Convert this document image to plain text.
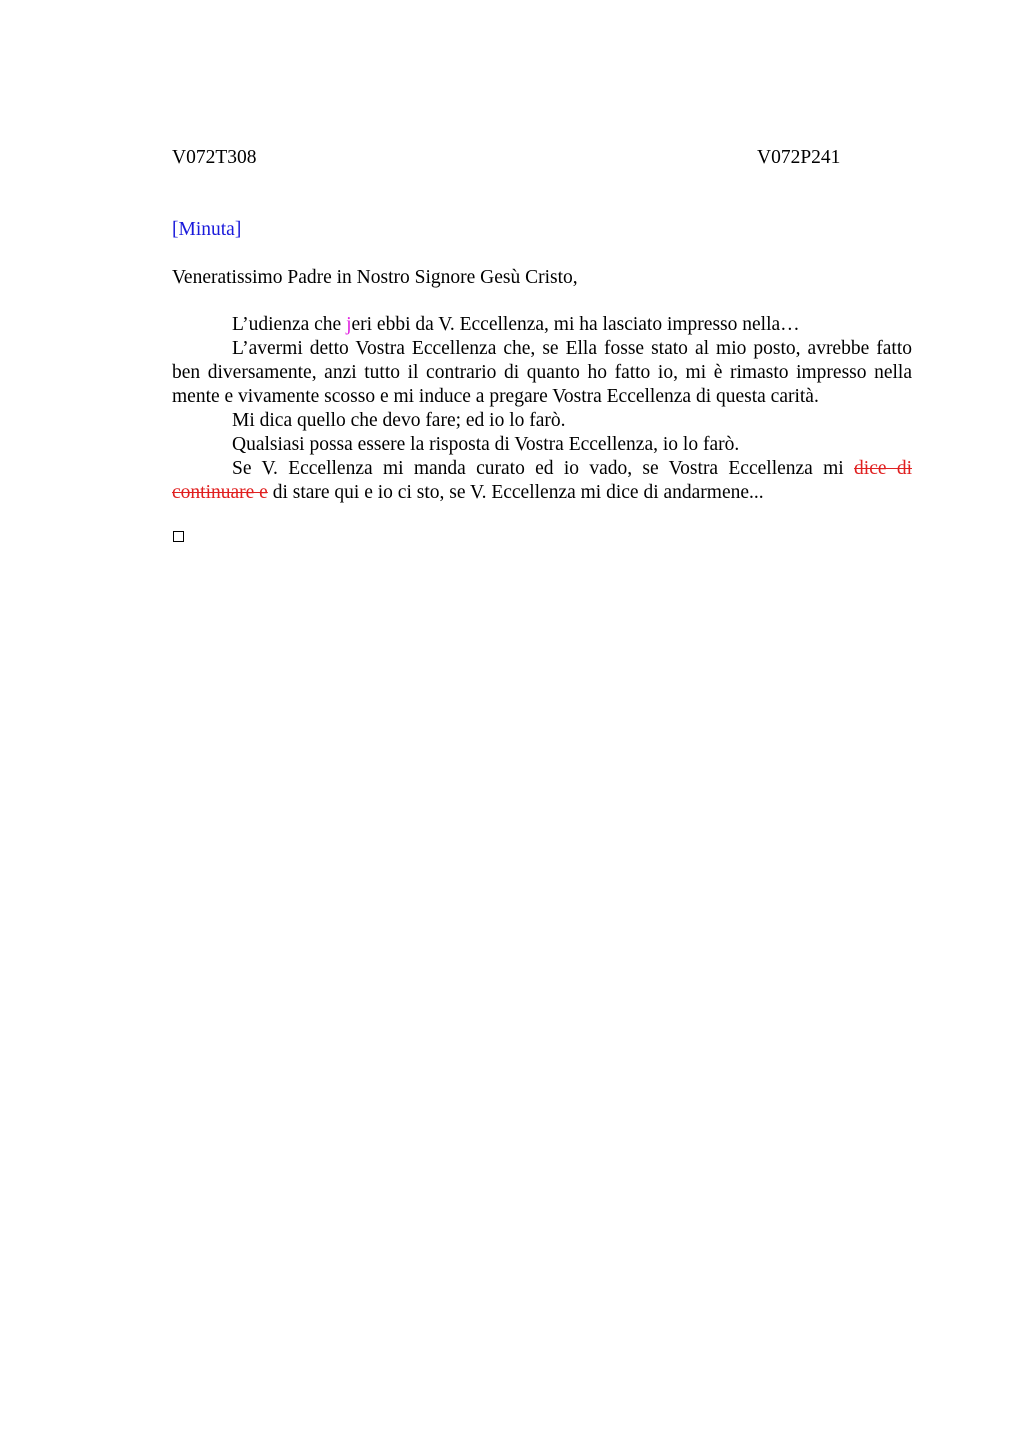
V072T308	V072P241
[Minuta]
Veneratissimo Padre in Nostro Signore Gesù Cristo,

L’udienza che jeri ebbi da V. Eccellenza, mi ha lasciato impresso nella…

L’avermi detto Vostra Eccellenza che, se Ella fosse stato al mio posto, avrebbe fatto ben diversamente, anzi tutto il contrario di quanto ho fatto io, mi è rimasto impresso nella mente e vivamente scosso e mi induce a pregare Vostra Eccellenza di questa carità.

Mi dica quello che devo fare; ed io lo farò.

Qualsiasi possa essere la risposta di Vostra Eccellenza, io lo farò.

Se V. Eccellenza mi manda curato ed io vado, se Vostra Eccellenza mi dice di continuare e di stare qui e io ci sto, se V. Eccellenza mi dice di andarmene...
